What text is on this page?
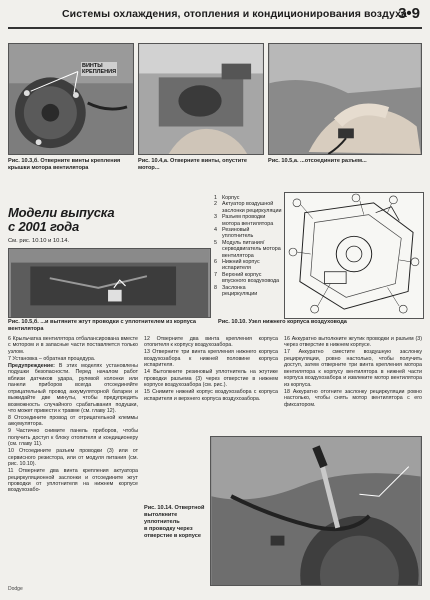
Системы охлаждения, отопления и кондиционирования воздуха
3•9
ВИНТЫ
КРЕПЛЕНИЯ
Рис. 10.3,б. Отверните винты крепления
крышки мотора вентилятора
Рис. 10.4,а. Отверните винты, опустите
мотор...
Рис. 10.5,а. ...отсоедините разъем...
Рис. 10.5,б. ...и вытяните жгут проводки с уплотнителем из корпуса
вентилятора
1 Корпус
2 Актуатор воздушной заслонки рециркуляции
3 Разъем проводки мотора вентилятора
4 Резиновый уплотнитель
5 Модуль питания/ серводвигатель мотора вентилятора
6 Нижний корпус испарителя
7 Верхний корпус впускного воздуховода
8 Заслонка рециркуляции
Рис. 10.10. Узел нижнего корпуса воздуховода
Модели выпуска
с 2001 года
См. рис. 10.10 и 10.14.

6 Крыльчатка вентилятора отбалансирована вместе с мотором и в запасные части поставляется только узлом.

7 Установка – обратная процедура.

Предупреждение: В этих моделях установлены подушки безопасности. Перед началом работ вблизи датчиков удара, рулевой колонки или панели приборов всегда отсоединяйте отрицательный провод аккумуляторной батареи и выжидайте две минуты, чтобы предупредить возможность случайного срабатывания подушки, что может привести к травме (см. главу 12).

8 Отсоедините провод от отрицательной клеммы аккумулятора.

9 Частично снимите панель приборов, чтобы получить доступ к блоку отопителя и кондиционеру (см. главу 11).

10 Отсоедините разъем проводки (3) или от сервисного резистора, или от модуля питания (см. рис. 10.10).

11 Отверните два винта крепления актуатора рециркуляционной заслонки и отсоедините жгут проводки от уплотнителя на нижнем корпусе воздухозабо-

12 Отверните два винта крепления корпуса отопителя к корпусу воздухозабора.

13 Отверните три винта крепления нижнего корпуса воздухозабора к нижней половине корпуса испарителя.

14 Вытолкните резиновый уплотнитель на жгутике проводки разъема (3) через отверстие в нижнем корпусе воздухозабора (см. рис.).

15 Снимите нижний корпус воздухозабора с корпуса испарителя и верхнего корпуса воздухозабора.

16 Аккуратно вытолкните жгутик проводки и разъем (3) через отверстие в нижнем корпусе.

17 Аккуратно сместите воздушную заслонку рециркуляции, ровно настолько, чтобы получить доступ, затем отверните три винта крепления мотора вентилятора к корпусу вентилятора в нижней части корпуса воздухозабора и извлеките мотор вентилятора из корпуса.

18 Аккуратно отогните заслонку рециркуляции ровно настолько, чтобы снять мотор вентилятора с его фиксатором.

Рис. 10.14. Отвертной
вытолкните уплотнитель
в проводку через
отверстие в корпусе
Dodge
